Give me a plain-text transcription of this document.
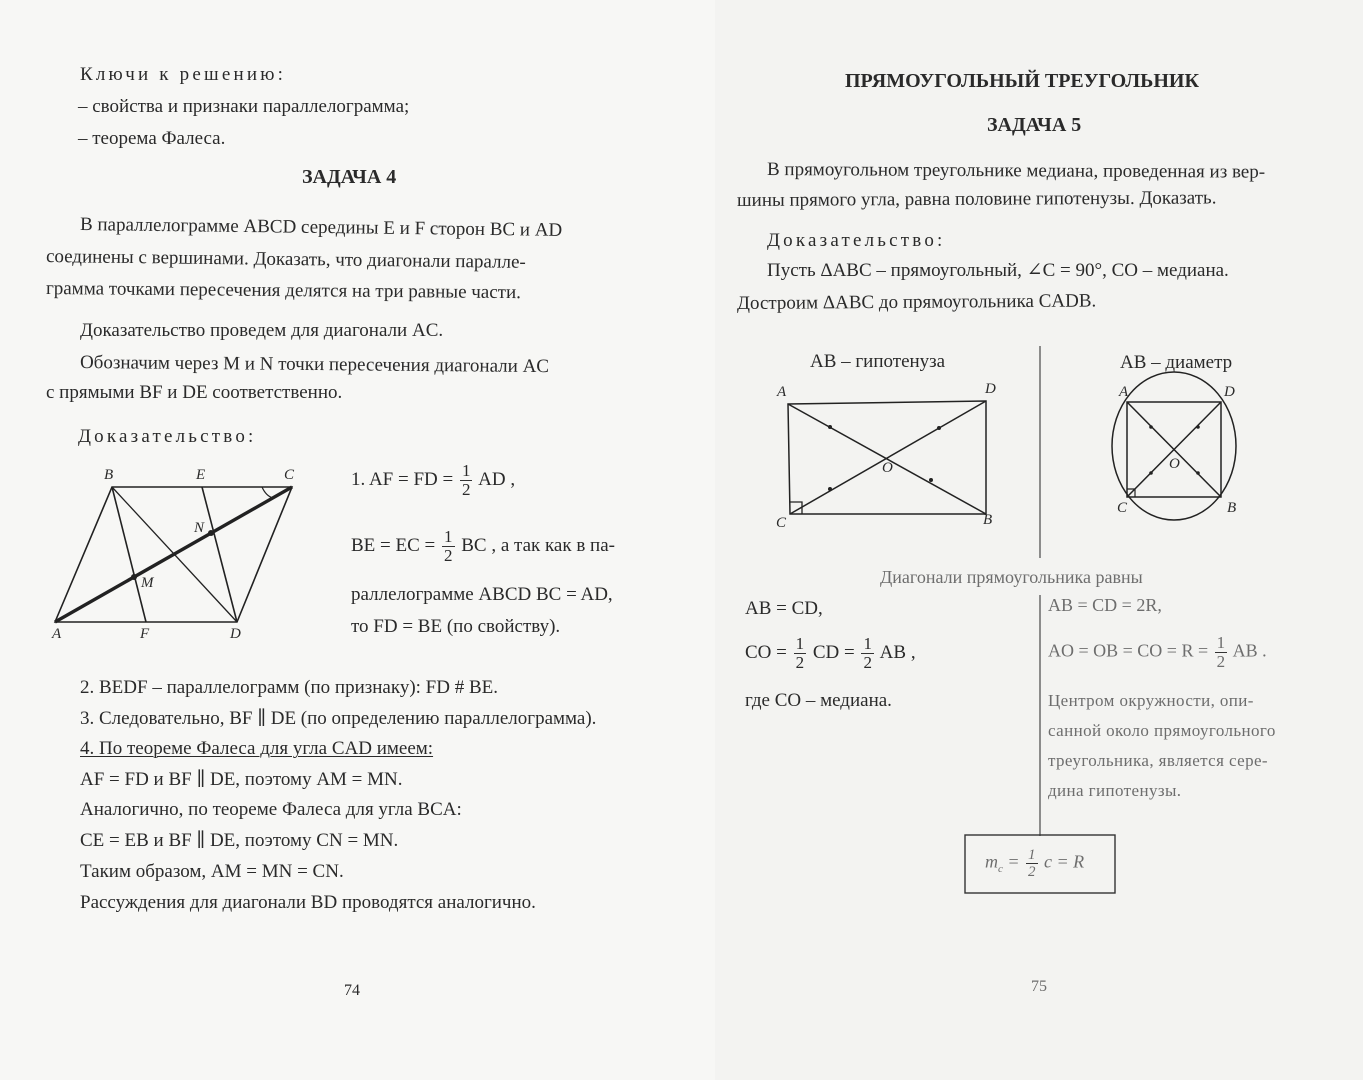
Ключи к решению:
– свойства и признаки параллелограмма;
– теорема Фалеса.
ЗАДАЧА 4
В параллелограмме ABCD середины E и F сторон BC и AD
соединены с вершинами. Доказать, что диагонали паралле-
грамма точками пересечения делятся на три равные части.
Доказательство проведем для диагонали AC.
Обозначим через M и N точки пересечения диагонали AC
с прямыми BF и DE соответственно.
Доказательство:
B	E	C
N
M
A	F	D
1. AF = FD = $\frac{1}{2}$ AD ,
BE = EC = $\frac{1}{2}$ BC , а так как в па-
раллелограмме ABCD BC = AD,
то FD = BE (по свойству).
2. BEDF – параллелограмм (по признаку): FD # BE.
3. Следовательно, BF ∥ DE (по определению параллелограмма).
4. По теореме Фалеса для угла CAD имеем:
AF = FD и BF ∥ DE, поэтому AM = MN.
Аналогично, по теореме Фалеса для угла BCA:
CE = EB и BF ∥ DE, поэтому CN = MN.
Таким образом, AM = MN = CN.
Рассуждения для диагонали BD проводятся аналогично.
74
ПРЯМОУГОЛЬНЫЙ ТРЕУГОЛЬНИК
ЗАДАЧА 5
В прямоугольном треугольнике медиана, проведенная из вер-
шины прямого угла, равна половине гипотенузы. Доказать.
Доказательство:
Пусть ΔABC – прямоугольный, ∠C = 90°, CO – медиана.
Достроим ΔABC до прямоугольника CADB.
AB – гипотенуза	AB – диаметр
A	D
O
C	B
A	D
O
C	B
Диагонали прямоугольника равны
AB = CD,
CO = $\frac{1}{2}$ CD = $\frac{1}{2}$ AB ,
где CO – медиана.
AB = CD = 2R,
AO = OB = CO = $R = \frac{1}{2}$ AB .
Центром окружности, опи-
санной около прямоугольного
треугольника, является сере-
дина гипотенузы.
$m_c = \frac{1}{2}$ c = R
75
